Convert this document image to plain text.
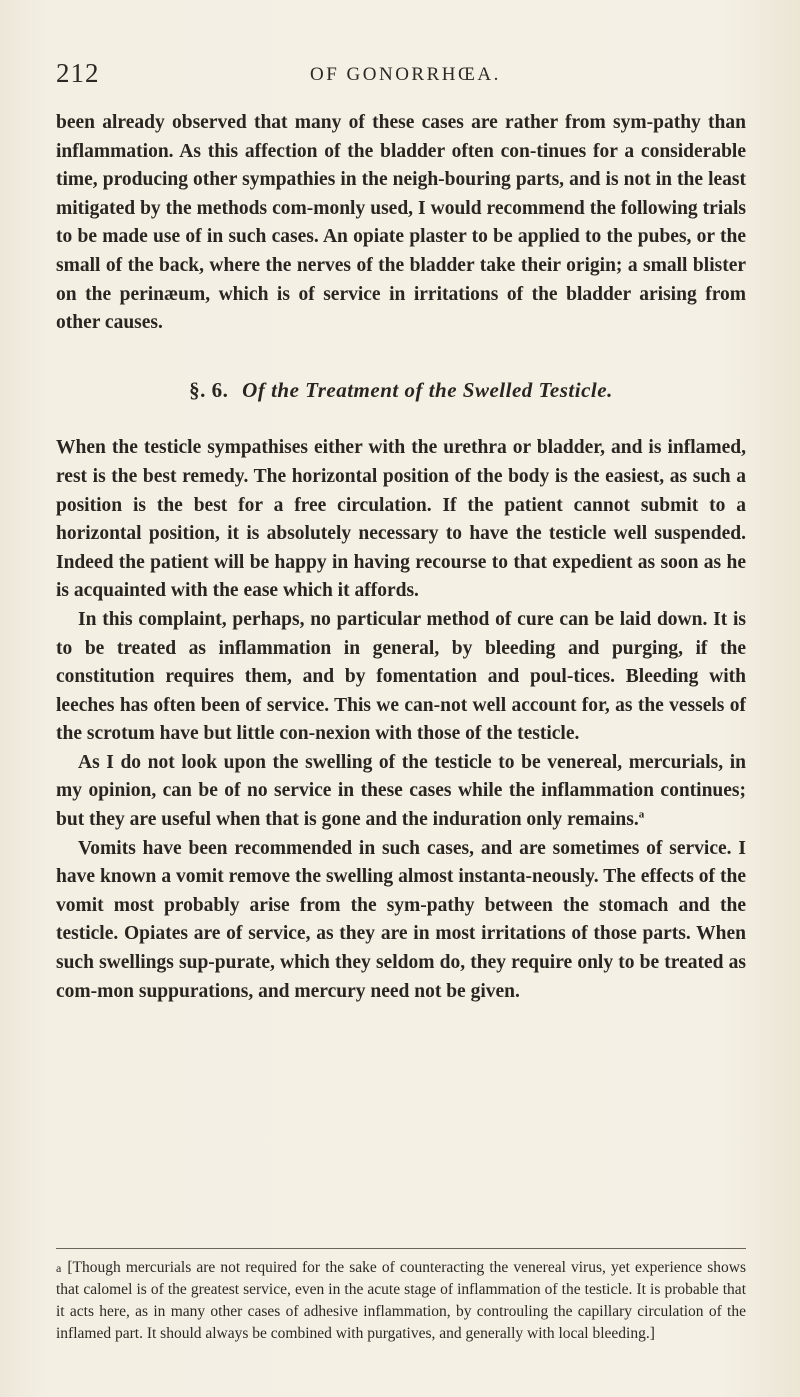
212	OF GONORRHŒA.

been already observed that many of these cases are rather from sym-pathy than inflammation. As this affection of the bladder often con-tinues for a considerable time, producing other sympathies in the neigh-bouring parts, and is not in the least mitigated by the methods com-monly used, I would recommend the following trials to be made use of in such cases. An opiate plaster to be applied to the pubes, or the small of the back, where the nerves of the bladder take their origin; a small blister on the perinæum, which is of service in irritations of the bladder arising from other causes.

§. 6. Of the Treatment of the Swelled Testicle.

When the testicle sympathises either with the urethra or bladder, and is inflamed, rest is the best remedy. The horizontal position of the body is the easiest, as such a position is the best for a free circulation. If the patient cannot submit to a horizontal position, it is absolutely necessary to have the testicle well suspended. Indeed the patient will be happy in having recourse to that expedient as soon as he is acquainted with the ease which it affords.

In this complaint, perhaps, no particular method of cure can be laid down. It is to be treated as inflammation in general, by bleeding and purging, if the constitution requires them, and by fomentation and poul-tices. Bleeding with leeches has often been of service. This we can-not well account for, as the vessels of the scrotum have but little con-nexion with those of the testicle.

As I do not look upon the swelling of the testicle to be venereal, mercurials, in my opinion, can be of no service in these cases while the inflammation continues; but they are useful when that is gone and the induration only remains.$^a$

Vomits have been recommended in such cases, and are sometimes of service. I have known a vomit remove the swelling almost instanta-neously. The effects of the vomit most probably arise from the sym-pathy between the stomach and the testicle. Opiates are of service, as they are in most irritations of those parts. When such swellings sup-purate, which they seldom do, they require only to be treated as com-mon suppurations, and mercury need not be given.

a [Though mercurials are not required for the sake of counteracting the venereal virus, yet experience shows that calomel is of the greatest service, even in the acute stage of inflammation of the testicle. It is probable that it acts here, as in many other cases of adhesive inflammation, by controuling the capillary circulation of the inflamed part. It should always be combined with purgatives, and generally with local bleeding.]
